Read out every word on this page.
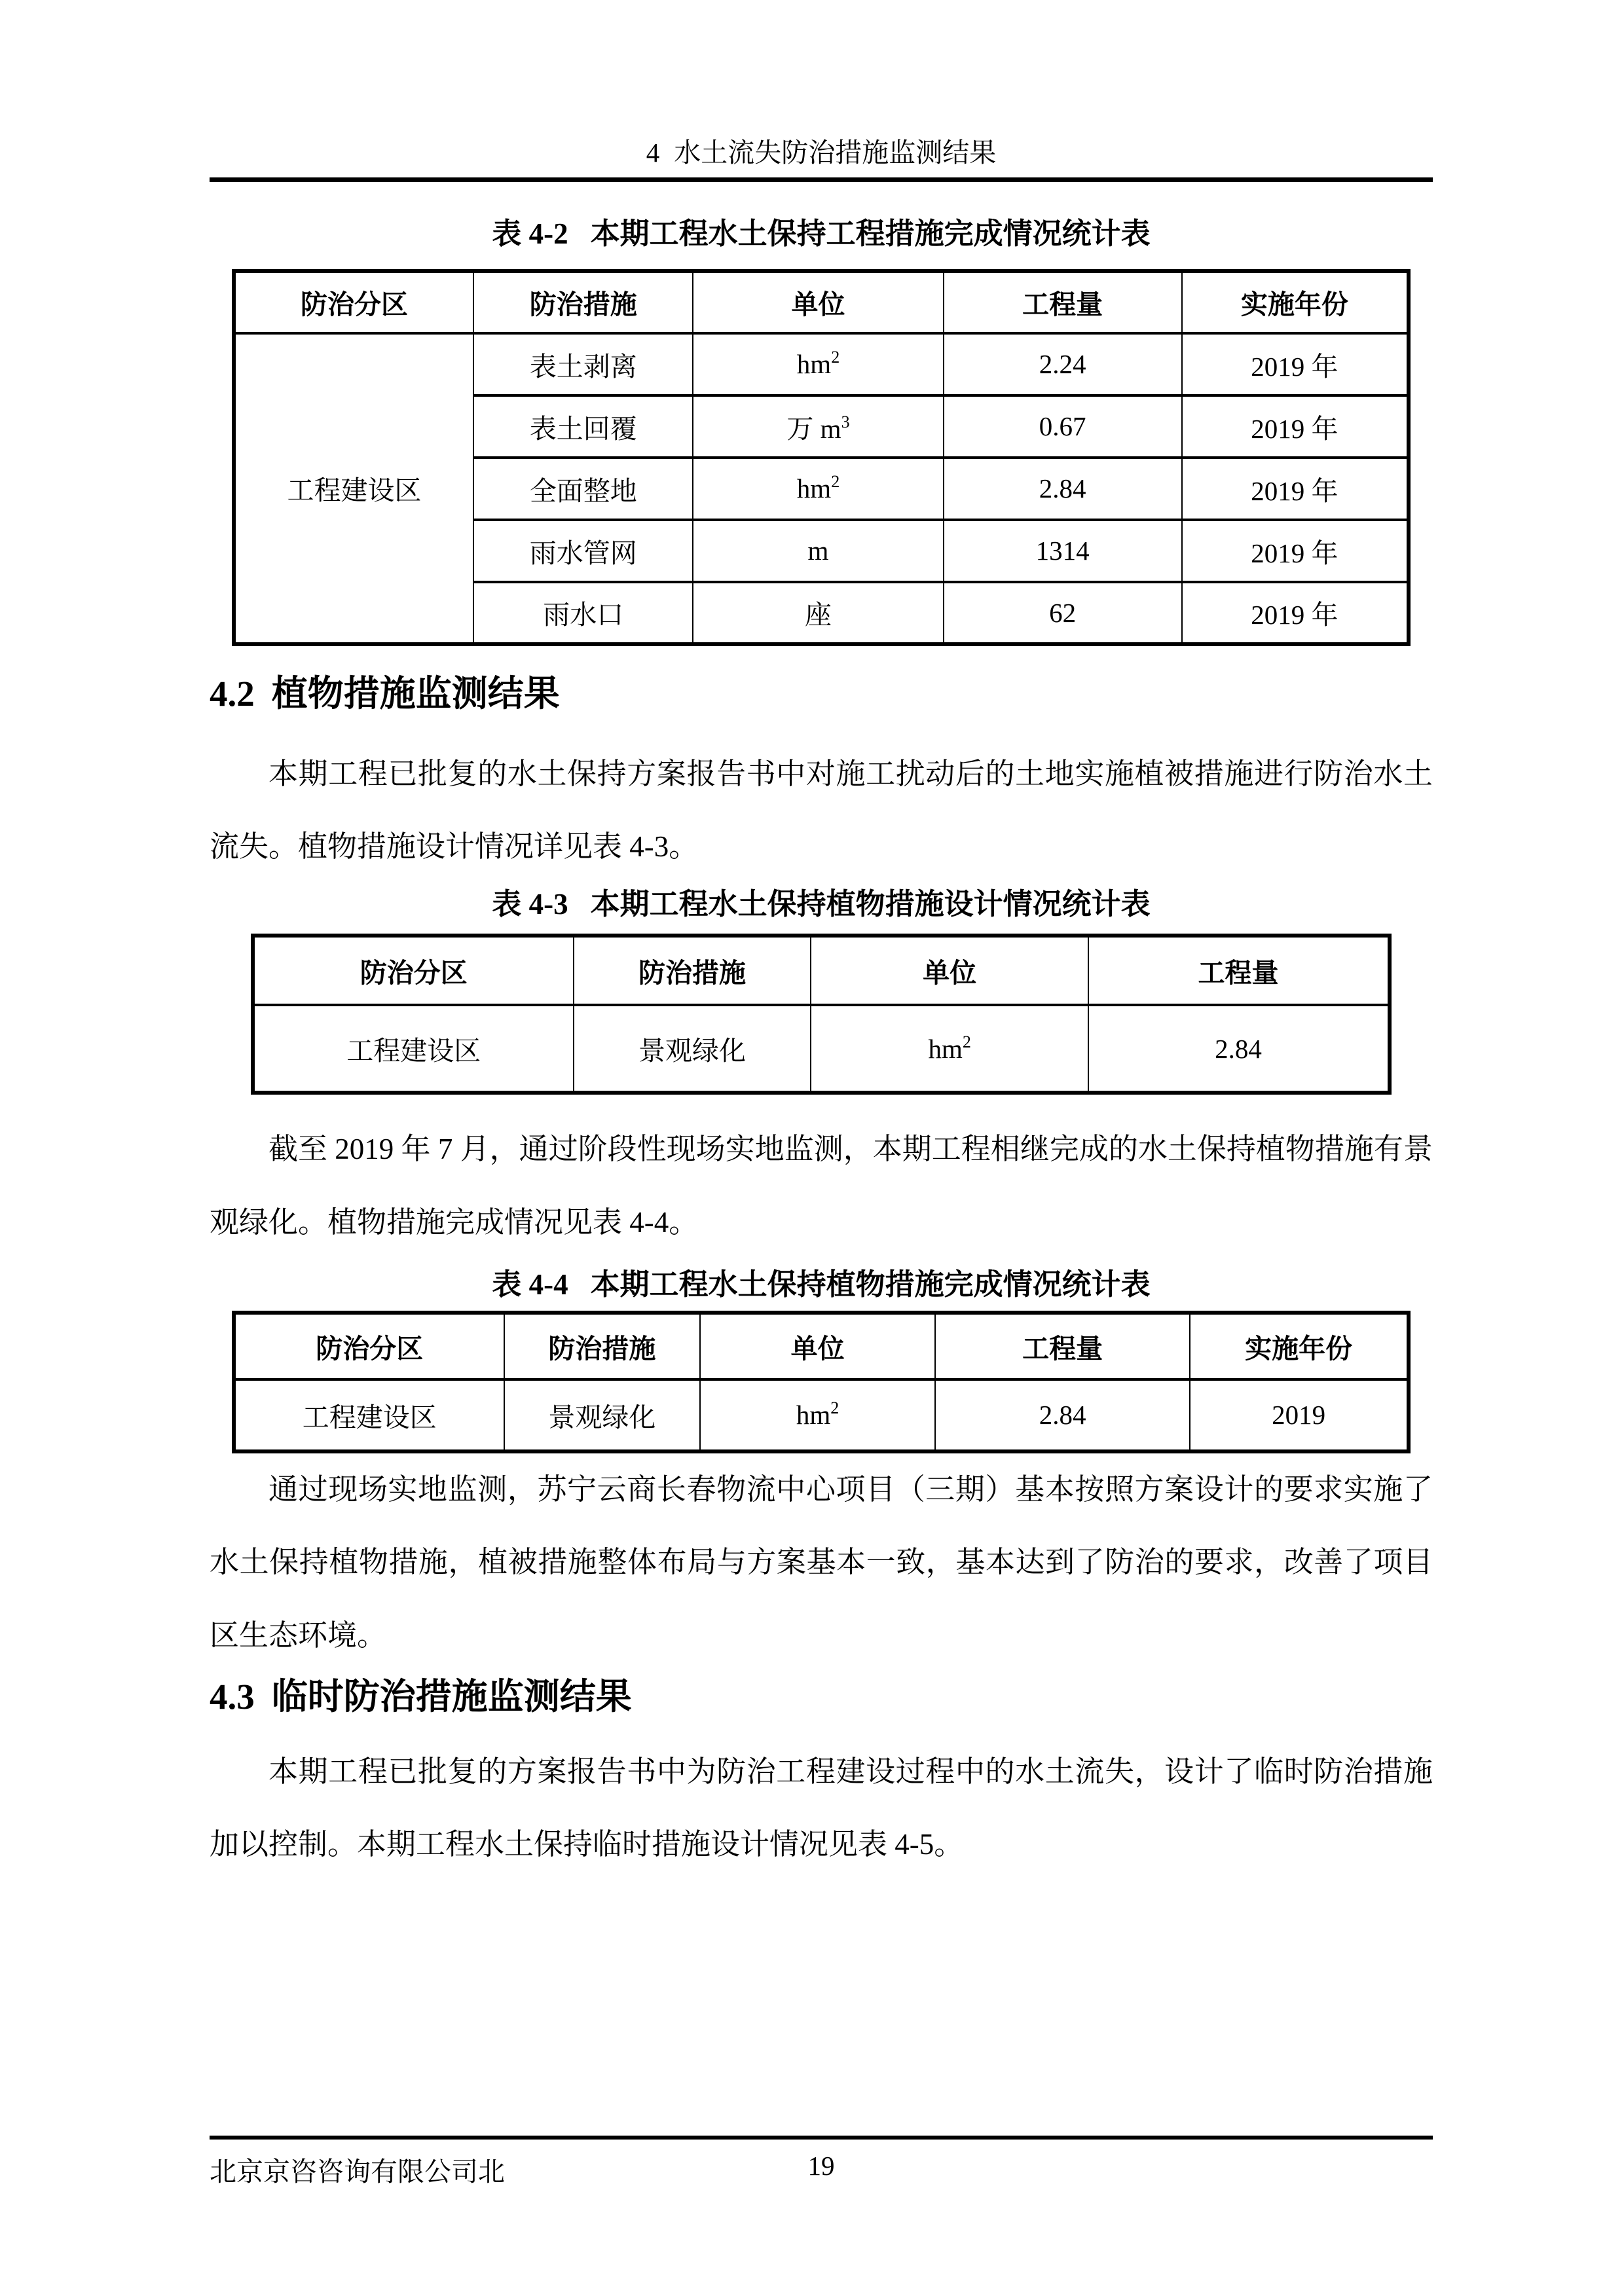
4 水土流失防治措施监测结果
表 4-2 本期工程水土保持工程措施完成情况统计表
防治分区	防治措施	单位	工程量	实施年份
工程建设区	表土剥离	$hm^2$	2.24	2019 年
	表土回覆	万 $m^3$	0.67	2019 年
	全面整地	$hm^2$	2.84	2019 年
	雨水管网	m	1314	2019 年
	雨水口	座	62	2019 年
4.2 植物措施监测结果

本期工程已批复的水土保持方案报告书中对施工扰动后的土地实施植被措施进行防治水土流失。植物措施设计情况详见表 4-3。

表 4-3 本期工程水土保持植物措施设计情况统计表
防治分区	防治措施	单位	工程量
工程建设区	景观绿化	$hm^2$	2.84

截至 2019 年 7 月，通过阶段性现场实地监测，本期工程相继完成的水土保持植物措施有景观绿化。植物措施完成情况见表 4-4。

表 4-4 本期工程水土保持植物措施完成情况统计表
防治分区	防治措施	单位	工程量	实施年份
工程建设区	景观绿化	$hm^2$	2.84	2019

通过现场实地监测，苏宁云商长春物流中心项目（三期）基本按照方案设计的要求实施了水土保持植物措施，植被措施整体布局与方案基本一致，基本达到了防治的要求，改善了项目区生态环境。

4.3 临时防治措施监测结果

本期工程已批复的方案报告书中为防治工程建设过程中的水土流失，设计了临时防治措施加以控制。本期工程水土保持临时措施设计情况见表 4-5。

北京京咨咨询有限公司北	19
